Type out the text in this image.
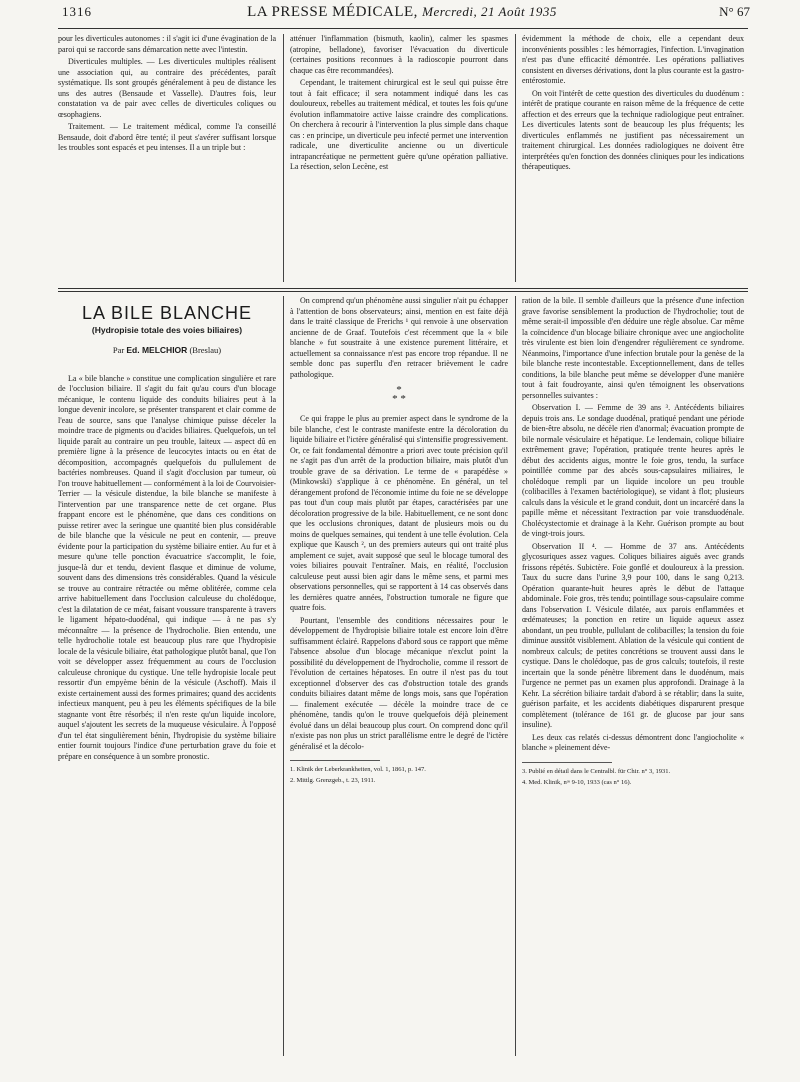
1316	LA PRESSE MÉDICALE, Mercredi, 21 Août 1935	N° 67

pour les diverticules autonomes : il s'agit ici d'une évagination de la paroi qui se raccorde sans démarcation nette avec l'intestin.

Diverticules multiples. — Les diverticules multiples réalisent une association qui, au contraire des précédentes, paraît systématique. Ils sont groupés généralement à peu de distance les uns des autres (Bensaude et Vasselle). D'autres fois, leur constatation va de pair avec celles de diverticules coliques ou œsophagiens.

Traitement. — Le traitement médical, comme l'a conseillé Bensaude, doit d'abord être tenté; il peut s'avérer suffisant lorsque les troubles sont espacés et peu intenses. Il a un triple but :

atténuer l'inflammation (bismuth, kaolin), calmer les spasmes (atropine, belladone), favoriser l'évacuation du diverticule (certaines positions reconnues à la radioscopie pourront dans chaque cas être recommandées).

Cependant, le traitement chirurgical est le seul qui puisse être tout à fait efficace; il sera notamment indiqué dans les cas douloureux, rebelles au traitement médical, et toutes les fois qu'une évolution inflammatoire active laisse craindre des complications. On cherchera à recourir à l'intervention la plus simple dans chaque cas : en principe, un diverticule peu infecté permet une intervention radicale, une diverticulite ancienne ou un diverticule intrapancréatique ne permettent guère qu'une opération palliative. La résection, selon Lecène, est

évidemment la méthode de choix, elle a cependant deux inconvénients possibles : les hémorragies, l'infection. L'invagination n'est pas d'une efficacité démontrée. Les opérations palliatives consistent en diverses dérivations, dont la plus courante est la gastro-entérostomie.

On voit l'intérêt de cette question des diverticules du duodénum : intérêt de pratique courante en raison même de la fréquence de cette affection et des erreurs que la technique radiologique peut entraîner. Les diverticules latents sont de beaucoup les plus fréquents; les diverticules enflammés ne justifient pas nécessairement un traitement chirurgical. Les données radiologiques ne doivent être interprétées qu'en fonction des données cliniques pour les indications thérapeutiques.

LA BILE BLANCHE
(Hydropisie totale des voies biliaires)
Par Ed. MELCHIOR (Breslau)

La « bile blanche » constitue une complication singulière et rare de l'occlusion biliaire. Il s'agit du fait qu'au cours d'un blocage mécanique, le contenu liquide des conduits biliaires peut à la longue devenir incolore, se présenter transparent et clair comme de l'eau de source, sans que l'analyse chimique puisse déceler la moindre trace de pigments ou d'acides biliaires. Quelquefois, un tel liquide paraît au contraire un peu trouble, laiteux — aspect dû en première ligne à la présence de leucocytes intacts ou en état de décomposition, accompagnés quelquefois du pullulement de bactéries nombreuses. Quand il s'agit d'occlusion par tumeur, où l'on trouve habituellement — conformément à la loi de Courvoisier-Terrier — la vésicule distendue, la bile blanche se manifeste à l'intervention par une transparence nette de cet organe. Plus frappant encore est le phénomène, que dans ces conditions on puisse retirer avec la seringue une quantité bien plus considérable de bile blanche que la vésicule ne peut en contenir, — preuve évidente pour la participation du système biliaire entier. Au fur et à mesure qu'une telle ponction évacuatrice s'accomplit, le foie, jusque-là dur et tendu, devient flasque et diminue de volume, souvent dans des dimensions très considérables. Quand la vésicule se trouve au contraire rétractée ou même oblitérée, comme cela arrive habituellement dans l'occlusion calculeuse du cholédoque, c'est la dilatation de ce méat, faisant voussure transparente à travers le ligament hépato-duodénal, qui indique — à ne pas s'y méconnaître — la présence de l'hydrocholie. Bien entendu, une telle hydrocholie totale est beaucoup plus rare que l'hydropisie locale de la vésicule biliaire, état pathologique plutôt banal, que l'on voit se développer assez fréquemment au cours de l'occlusion calculeuse chronique du cystique. Une telle hydropisie locale peut ressortir d'un empyème bénin de la vésicule (Aschoff). Mais il existe certainement aussi des formes primaires; quand des accidents infectieux manquent, peu à peu les éléments spécifiques de la bile stagnante vont être résorbés; il n'en reste qu'un liquide incolore, auquel s'ajoutent les secrets de la muqueuse vésiculaire. À l'opposé d'un tel état singulièrement bénin, l'hydropisie du système biliaire entier fournit toujours l'indice d'une perturbation grave du foie et prépare en conséquence à un sombre pronostic.

On comprend qu'un phénomène aussi singulier n'ait pu échapper à l'attention de bons observateurs; ainsi, mention en est faite déjà dans le traité classique de Frerichs ¹ qui renvoie à une observation ancienne de de Graaf. Toutefois c'est récemment que la « bile blanche » fut soustraite à une existence purement littéraire, et actuellement sa connaissance n'est pas encore trop répandue. Il ne semble donc pas superflu d'en retracer brièvement le cadre pathologique.

*
* *

Ce qui frappe le plus au premier aspect dans le syndrome de la bile blanche, c'est le contraste manifeste entre la décoloration du liquide biliaire et l'ictère généralisé qui s'intensifie progressivement. Or, ce fait fondamental démontre a priori avec toute précision qu'il ne s'agit pas d'un arrêt de la production biliaire, mais plutôt d'un trouble grave de sa dérivation. Le terme de « parapédèse » (Minkowski) s'applique à ce phénomène. En général, un tel dérangement profond de l'économie intime du foie ne se développe pas tout d'un coup mais plutôt par étapes, caractérisées par une décoloration progressive de la bile. Habituellement, ce ne sont donc que les occlusions chroniques, datant de plusieurs mois ou du moins de quelques semaines, qui tendent à une telle évolution. Cela explique que Kausch ², un des premiers auteurs qui ont traité plus amplement ce sujet, avait supposé que seul le blocage tumoral des voies biliaires pouvait l'entraîner. Mais, en réalité, l'occlusion calculeuse peut aussi bien agir dans le même sens, et parmi mes observations personnelles, qui se rapportent à 14 cas observés dans les dernières quatre années, l'obstruction tumorale ne figure que quatre fois.

Pourtant, l'ensemble des conditions nécessaires pour le développement de l'hydropisie biliaire totale est encore loin d'être suffisamment éclairé. Rappelons d'abord sous ce rapport que même l'absence absolue d'un blocage mécanique n'exclut point la possibilité du développement de l'hydrocholie, comme il ressort de l'évolution de certaines hépatoses. En outre il n'est pas du tout exceptionnel d'observer des cas d'obstruction totale des grands conduits biliaires datant même de longs mois, sans que l'opération — finalement exécutée — décèle la moindre trace de ce phénomène, tandis qu'on le trouve quelquefois déjà pleinement évolué dans un délai beaucoup plus court. On comprend donc qu'il n'existe pas non plus un strict parallélisme entre le degré de l'ictère généralisé et la décolo-

1. Klinik der Leberkrankheiten, vol. 1, 1861, p. 147.

2. Mittlg. Grenzgeb., t. 23, 1911.

ration de la bile. Il semble d'ailleurs que la présence d'une infection grave favorise sensiblement la production de l'hydrocholie; tout de même serait-il impossible d'en déduire une règle absolue. Car même la coïncidence d'un blocage biliaire chronique avec une angiocholite très virulente est bien loin d'engendrer régulièrement ce syndrome. Néanmoins, l'importance d'une infection brutale pour la genèse de la bile blanche reste incontestable. Exceptionnellement, dans de telles conditions, la bile blanche peut même se développer d'une manière tout à fait foudroyante, ainsi qu'en témoignent les observations personnelles suivantes :

Observation I. — Femme de 39 ans ³. Antécédents biliaires depuis trois ans. Le sondage duodénal, pratiqué pendant une période de bien-être absolu, ne décèle rien d'anormal; évacuation prompte de bile normale vésiculaire et hépatique. Le lendemain, colique biliaire extrêmement grave; l'opération, pratiquée trente heures après le début des accidents aigus, montre le foie gros, tendu, la surface pointillée comme par des abcès sous-capsulaires miliaires, le cholédoque rempli par un liquide incolore un peu trouble (colibacilles à l'examen bactériologique), se vidant à flot; plusieurs calculs dans la vésicule et le grand conduit, dont un incarcéré dans la papille même et nécessitant l'extraction par voie transduodénale. Cholécystectomie et drainage à la Kehr. Guérison prompte au bout de vingt-trois jours.

Observation II ⁴. — Homme de 37 ans. Antécédents glycosuriques assez vagues. Coliques biliaires aiguës avec grands frissons répétés. Subictère. Foie gonflé et douloureux à la pression. Taux du sucre dans l'urine 3,9 pour 100, dans le sang 0,213. Opération quarante-huit heures après le début de l'attaque abdominale. Foie gros, très tendu; pointillage sous-capsulaire comme dans l'observation I. Vésicule dilatée, aux parois enflammées et œdémateuses; la ponction en retire un liquide aqueux assez abondant, un peu trouble, pullulant de colibacilles; la tension du foie diminue aussitôt visiblement. Ablation de la vésicule qui contient de nombreux calculs; de petites concrétions se trouvent aussi dans le cystique. Dans le cholédoque, pas de gros calculs; toutefois, il reste incertain que la sonde pénètre librement dans le duodénum, mais l'urgence ne permet pas un examen plus approfondi. Drainage à la Kehr. La sécrétion biliaire tardait d'abord à se rétablir; dans la suite, guérison parfaite, et les accidents diabétiques disparurent presque complètement (tolérance de 161 gr. de glucose par jour sans insuline).

Les deux cas relatés ci-dessus démontrent donc l'angiocholite « blanche » pleinement déve-

3. Publié en détail dans le Centralbl. für Chir. n° 3, 1931.

4. Med. Klinik, nᵒˢ 9-10, 1933 (cas n° 16).
